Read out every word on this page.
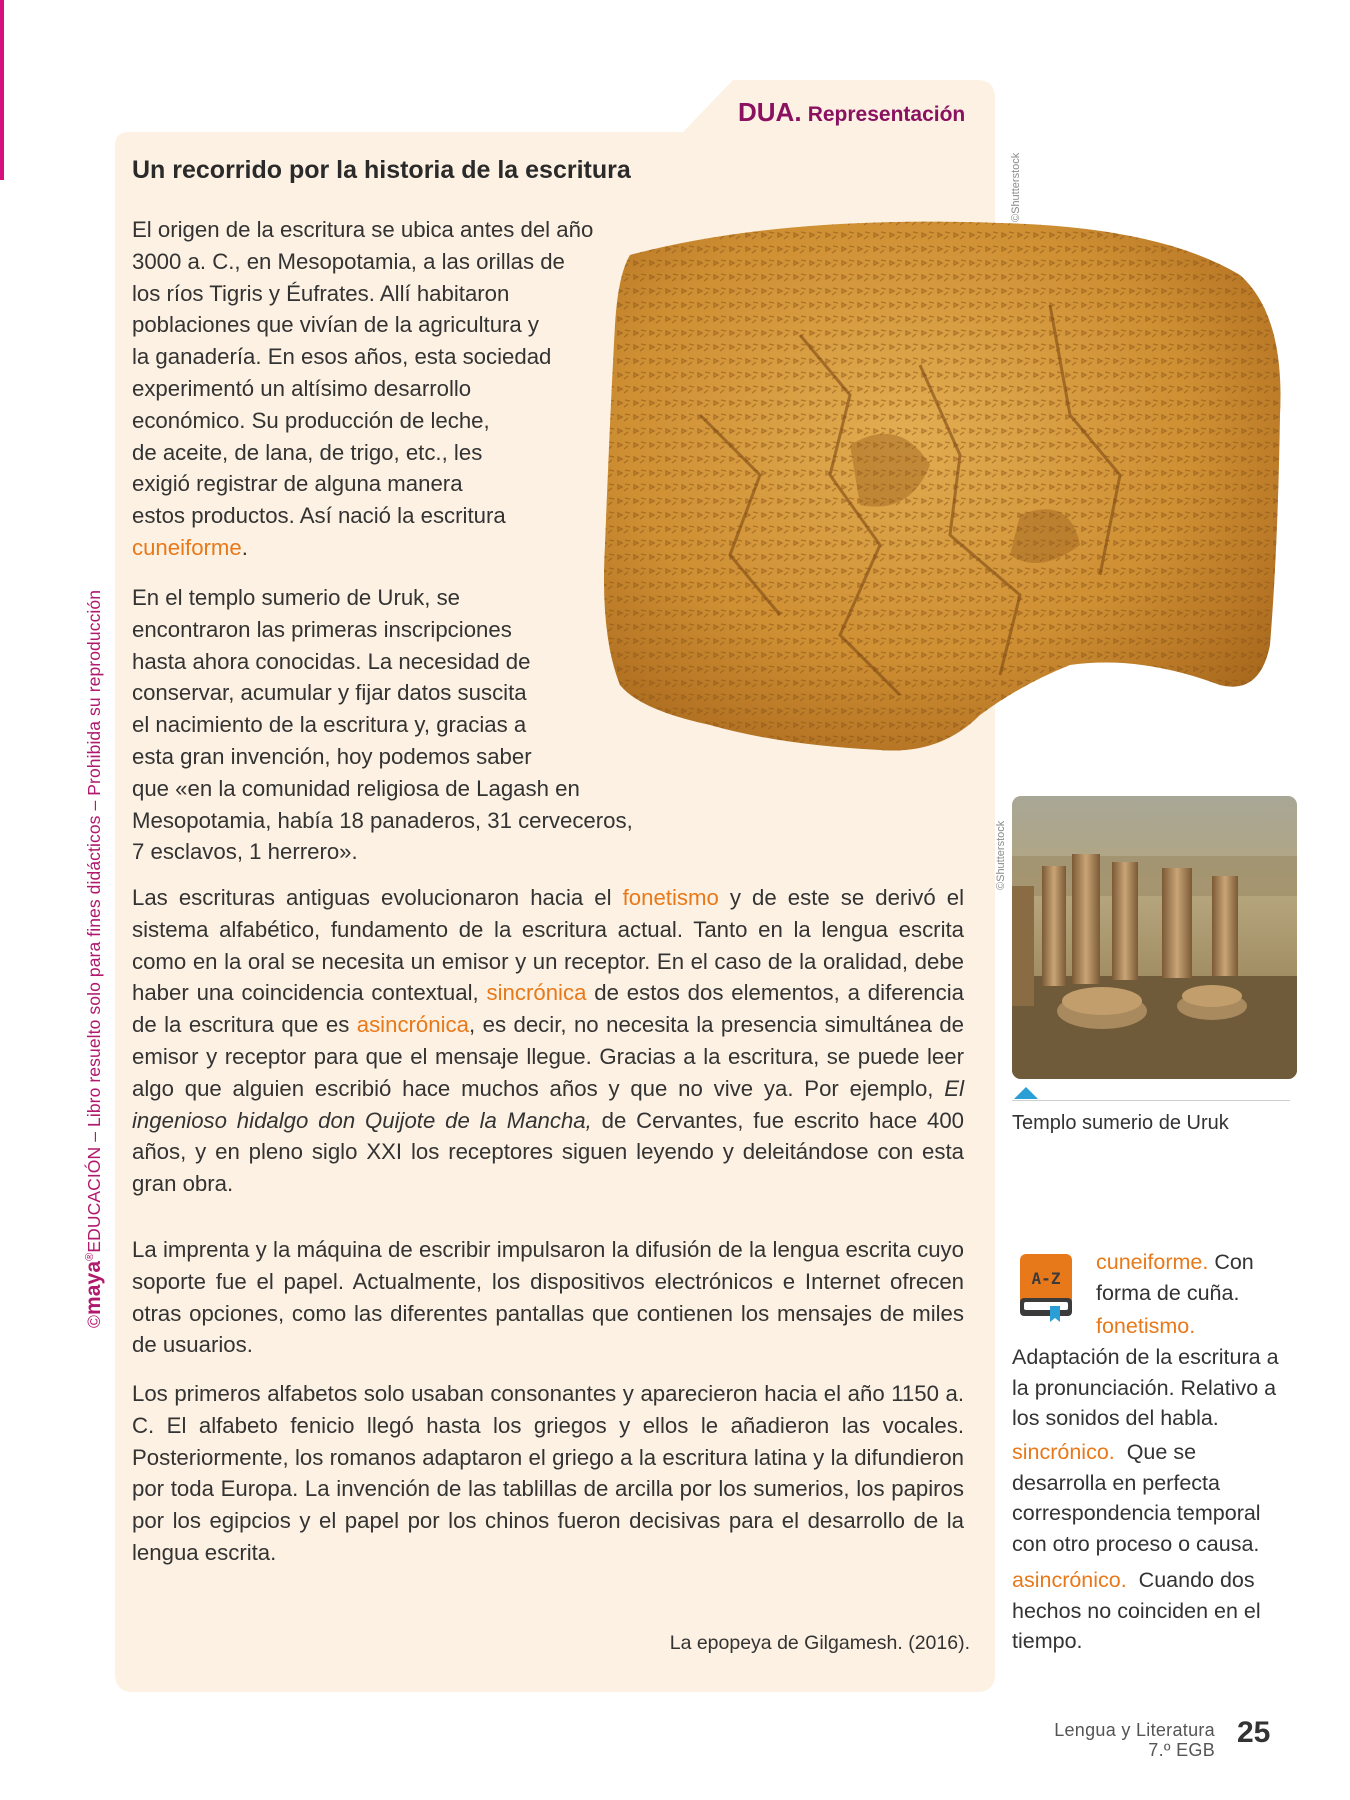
©maya®EDUCACIÓN – Libro resuelto solo para fines didácticos – Prohibida su reproducción
DUA. Representación
Un recorrido por la historia de la escritura	©Shutterstock
©Shutterstock

El origen de la escritura se ubica antes del año
3000 a. C., en Mesopotamia, a las orillas de
los ríos Tigris y Éufrates. Allí habitaron
poblaciones que vivían de la agricultura y
la ganadería. En esos años, esta sociedad
experimentó un altísimo desarrollo
económico. Su producción de leche,
de aceite, de lana, de trigo, etc., les
exigió registrar de alguna manera
estos productos. Así nació la escritura
cuneiforme.

En el templo sumerio de Uruk, se
encontraron las primeras inscripciones
hasta ahora conocidas. La necesidad de
conservar, acumular y fijar datos suscita
el nacimiento de la escritura y, gracias a
esta gran invención, hoy podemos saber
que «en la comunidad religiosa de Lagash en
Mesopotamia, había 18 panaderos, 31 cerveceros,
7 esclavos, 1 herrero».

Las escrituras antiguas evolucionaron hacia el fonetismo y de este se derivó el sistema alfabético, fundamento de la escritura actual. Tanto en la lengua escrita como en la oral se necesita un emisor y un receptor. En el caso de la oralidad, debe haber una coincidencia contextual, sincrónica de estos dos elementos, a diferencia de la escritura que es asincrónica, es decir, no necesita la presencia simultánea de emisor y receptor para que el mensaje llegue. Gracias a la escritura, se puede leer algo que alguien escribió hace muchos años y que no vive ya. Por ejemplo, El ingenioso hidalgo don Quijote de la Mancha, de Cervantes, fue escrito hace 400 años, y en pleno siglo XXI los receptores siguen leyendo y deleitándose con esta gran obra.

La imprenta y la máquina de escribir impulsaron la difusión de la lengua escrita cuyo soporte fue el papel. Actualmente, los dispositivos electrónicos e Internet ofrecen otras opciones, como las diferentes pantallas que contienen los mensajes de miles de usuarios.

Los primeros alfabetos solo usaban consonantes y aparecieron hacia el año 1150 a. C. El alfabeto fenicio llegó hasta los griegos y ellos le añadieron las vocales. Posteriormente, los romanos adaptaron el griego a la escritura latina y la difundieron por toda Europa. La invención de las tablillas de arcilla por los sumerios, los papiros por los egipcios y el papel por los chinos fueron decisivas para el desarrollo de la lengua escrita.

La epopeya de Gilgamesh. (2016).

Templo sumerio de Uruk

A-Z

cuneiforme. Con
forma de cuña.

fonetismo.

Adaptación de la escritura a
la pronunciación. Relativo a
los sonidos del habla.

sincrónico.  Que se
desarrolla en perfecta
correspondencia temporal
con otro proceso o causa.

asincrónico.  Cuando dos
hechos no coinciden en el
tiempo.

Lengua y Literatura
7.º EGB
25
